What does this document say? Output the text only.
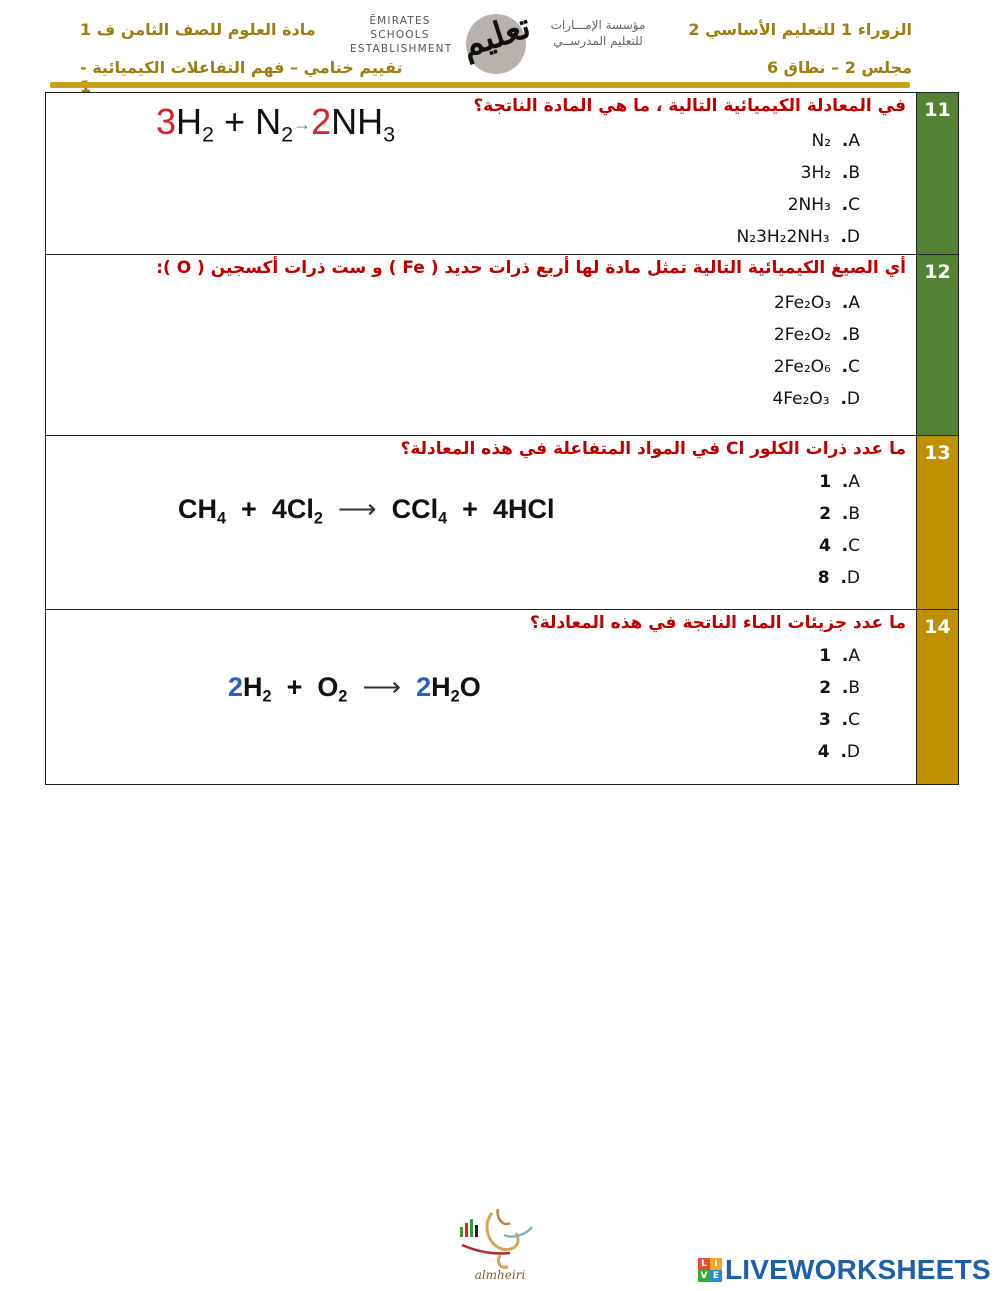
الزوراء 1 للتعليم الأساسي 2
مجلس 2 – نطاق 6
مادة العلوم للصف الثامن ف 1
تقييم ختامي – فهم التفاعلات الكيميائية -
ĒMIRATES SCHOOLS
ESTABLISHMENT تعليم مؤسسة الإمـــارات
للتعليم المدرســي
11
في المعادلة الكيميائية التالية ، ما هي المادة الناتجة؟
N₂ .A
3H₂ .B
2NH₃ .C
N₂3H₂2NH₃ .D
$3H_2 + N_2\to 2NH_3$
12
أي الصيغ الكيميائية التالية تمثل مادة لها أربع ذرات حديد ( Fe ) و ست ذرات أكسجين ( O ):
2Fe₂O₃ .A
2Fe₂O₂ .B
2Fe₂O₆ .C
4Fe₂O₃ .D
13
ما عدد ذرات الكلور Cl في المواد المتفاعلة في هذه المعادلة؟
1 .A
2 .B
4 .C
8 .D
$CH_4 + 4Cl_2$ ⟶ CCl$_4$ + 4HCl
14
ما عدد جزيئات الماء الناتجة في هذه المعادلة؟
1 .A
2 .B
3 .C
4 .D
$2H_2 + O_2$ ⟶ $2H_2O$
almheiri
L I
V E LIVEWORKSHEETS
